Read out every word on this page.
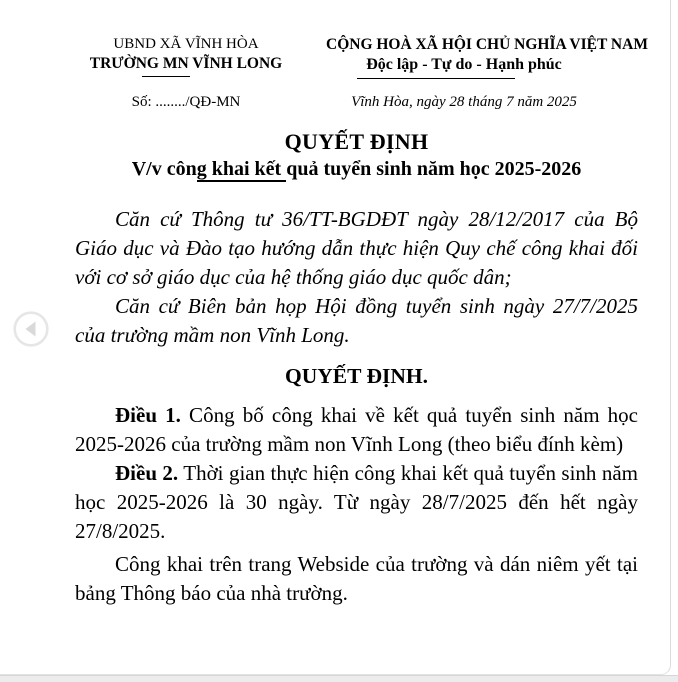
UBND XÃ VĨNH HÒA
TRƯỜNG MN VĨNH LONG
Số: ......../QĐ-MN
CỘNG HOÀ XÃ HỘI CHỦ NGHĨA VIỆT NAM
Độc lập - Tự do - Hạnh phúc
Vĩnh Hòa, ngày 28 tháng 7 năm 2025
QUYẾT ĐỊNH
V/v công khai kết quả tuyển sinh năm học 2025-2026

Căn cứ Thông tư 36/TT-BGDĐT ngày 28/12/2017 của Bộ Giáo dục và Đào tạo hướng dẫn thực hiện Quy chế công khai đối với cơ sở giáo dục của hệ thống giáo dục quốc dân;

Căn cứ Biên bản họp Hội đồng tuyển sinh ngày 27/7/2025 của trường mầm non Vĩnh Long.

QUYẾT ĐỊNH.

Điều 1. Công bố công khai về kết quả tuyển sinh năm học 2025-2026 của trường mầm non Vĩnh Long (theo biểu đính kèm)

Điều 2. Thời gian thực hiện công khai kết quả tuyển sinh năm học 2025-2026 là 30 ngày. Từ ngày 28/7/2025 đến hết ngày 27/8/2025.

Công khai trên trang Webside của trường và dán niêm yết tại bảng Thông báo của nhà trường.
